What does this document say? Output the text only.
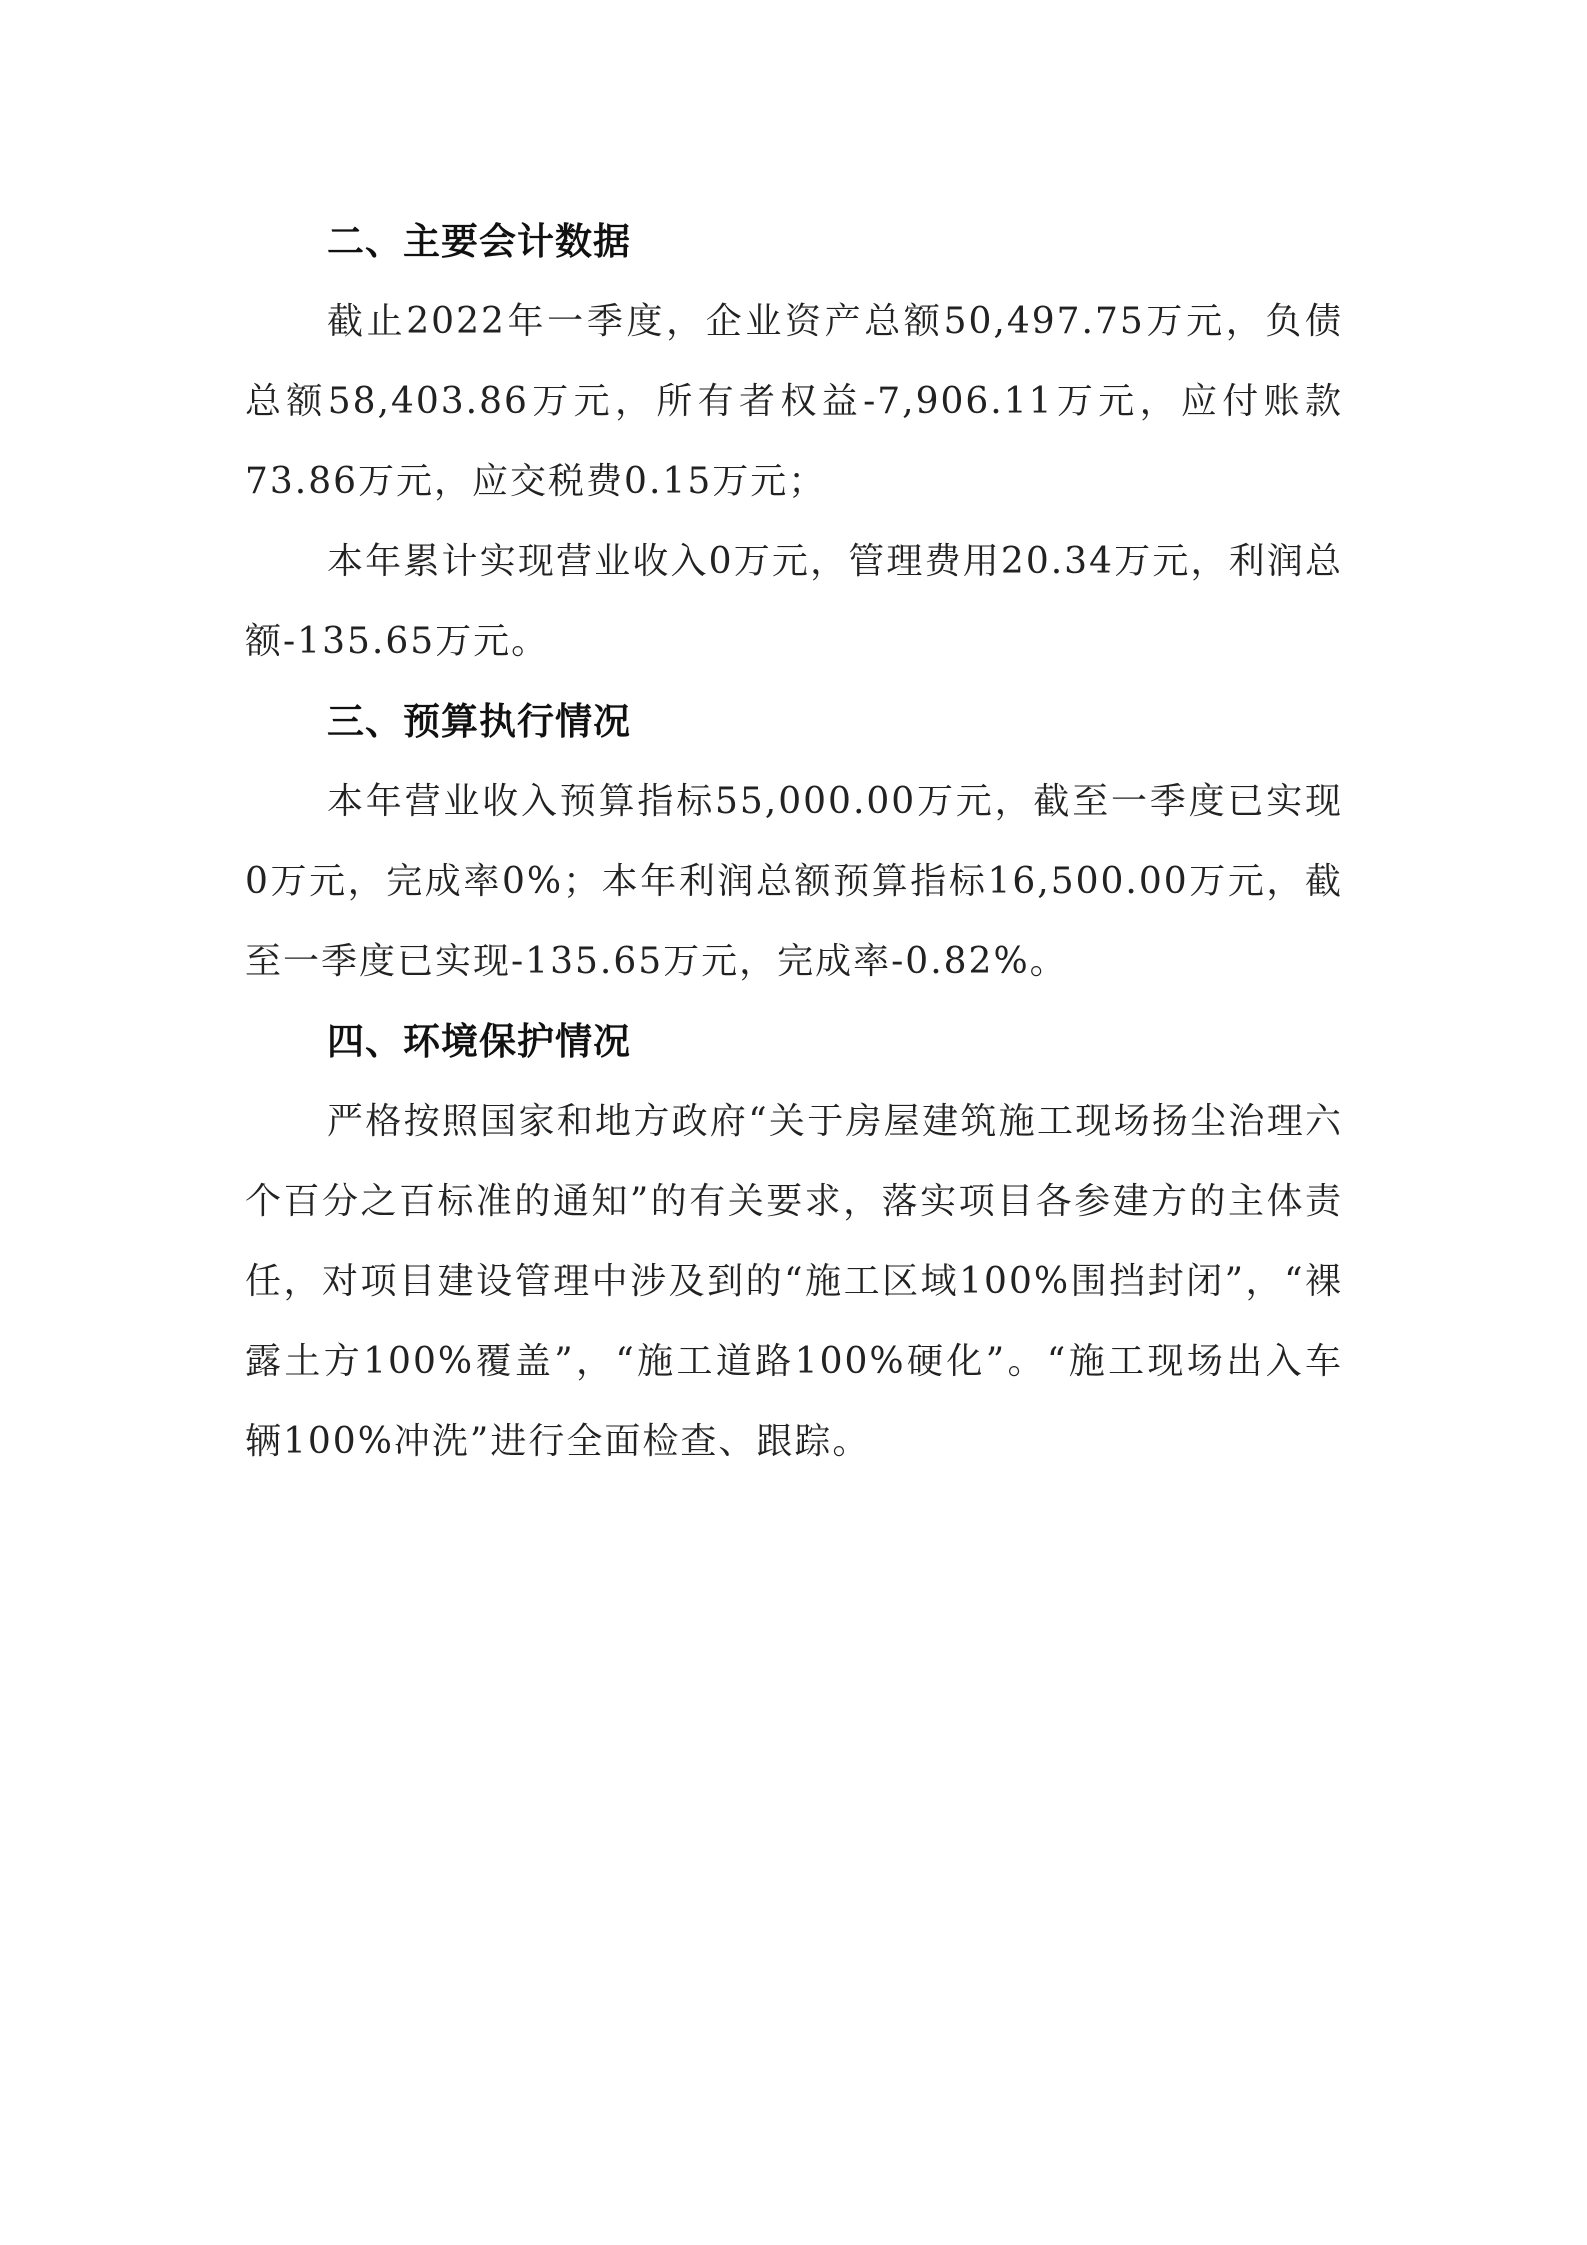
二、主要会计数据

截止2022年一季度，企业资产总额50,497.75万元，负债总额58,403.86万元，所有者权益-7,906.11万元，应付账款73.86万元，应交税费0.15万元；

本年累计实现营业收入0万元，管理费用20.34万元，利润总额-135.65万元。

三、预算执行情况

本年营业收入预算指标55,000.00万元，截至一季度已实现0万元，完成率0%；本年利润总额预算指标16,500.00万元，截至一季度已实现-135.65万元，完成率-0.82%。

四、环境保护情况

严格按照国家和地方政府“关于房屋建筑施工现场扬尘治理六个百分之百标准的通知”的有关要求，落实项目各参建方的主体责任，对项目建设管理中涉及到的“施工区域100%围挡封闭”，“裸露土方100%覆盖”，“施工道路100%硬化”。“施工现场出入车辆100%冲洗”进行全面检查、跟踪。
